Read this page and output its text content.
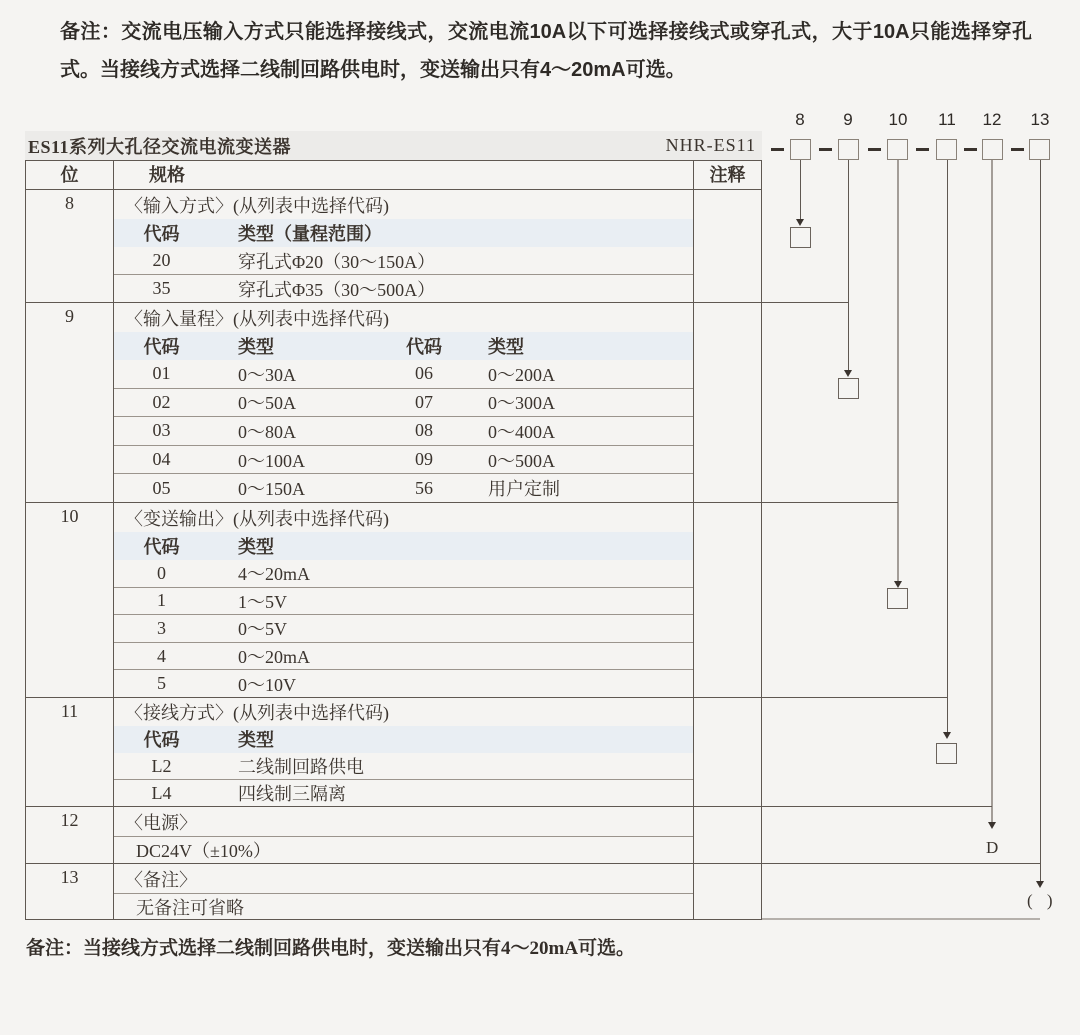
备注：交流电压输入方式只能选择接线式，交流电流10A以下可选择接线式或穿孔式，大于10A只能选择穿孔式。当接线方式选择二线制回路供电时，变送输出只有4～20mA可选。
ES11系列大孔径交流电流变送器	NHR-ES11
位	规格	注释
8	〈输入方式〉(从列表中选择代码)
代码	类型（量程范围）
20	穿孔式Φ20（30～150A）
35	穿孔式Φ35（30～500A）
9	〈输入量程〉(从列表中选择代码)
代码	类型	代码	类型
01	0～30A	06	0～200A
02	0～50A	07	0～300A
03	0～80A	08	0～400A
04	0～100A	09	0～500A
05	0～150A	56	用户定制
10	〈变送输出〉(从列表中选择代码)
代码	类型
0	4～20mA
1	1～5V
3	0～5V
4	0～20mA
5	0～10V
11	〈接线方式〉(从列表中选择代码)
代码	类型
L2	二线制回路供电
L4	四线制三隔离
12	〈电源〉
DC24V（±10%）
13	〈备注〉
无备注可省略
8	9	10	11	12	13
D
( )
备注：当接线方式选择二线制回路供电时，变送输出只有4～20mA可选。
